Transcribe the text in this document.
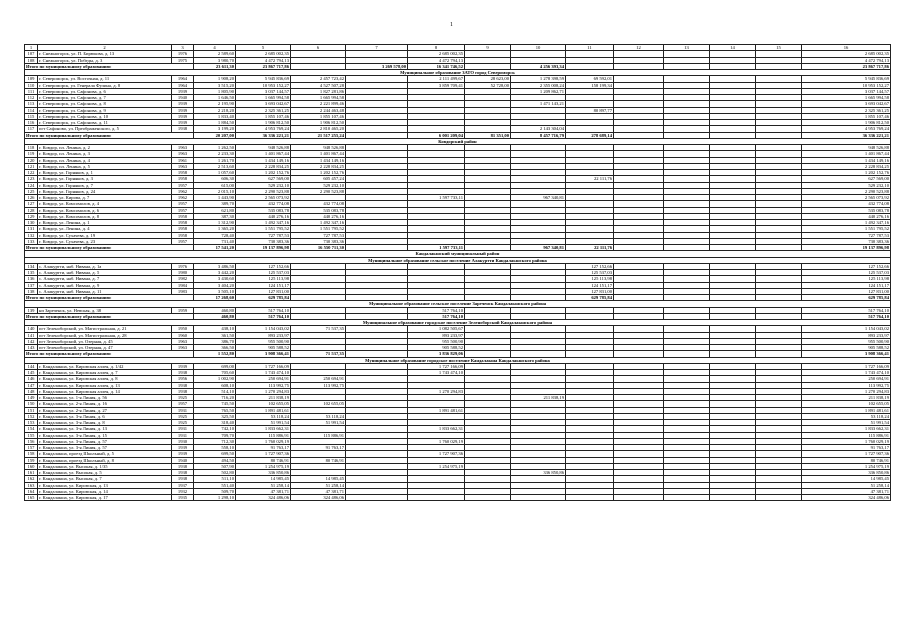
1
1	2	3	4	5	6	7	8	9	10	11	12	13	14	15	16
107	г. Снежногорск, ул. П. Бирюкова, д. 13	1976	2 589,60	2 685 002,35			2 685 002,35								2 685 002,35
108	г. Снежногорск, ул. Победы, д. 3	1975	3 980,70	4 472 794,13			4 472 794,13								4 472 794,13
Итого по муниципальному образованию:			23 611,30	23 867 717,86		3 269 578,00	16 341 746,52		4 256 393,34						23 867 717,86
Муниципальное образование ЗАТО город Североморск															
109	г. Североморск, ул. Восточная, д. 11	1964	1 908,20	5 945 836,69	2 457 723,42		2 111 499,67	28 623,00	1 278 398,59	69 592,01					5 945 836,69
110	г. Североморск, ул. Генерала Фулина, д. 8	1964	3 515,20	10 953 152,27	4 527 507,28		3 859 709,41	52 728,00	2 355 008,24	158 199,34					10 953 152,27
111	г. Североморск, ул. Сафонова, д. 6	1939	1 805,90	3 037 144,57	1 827 281,86				1 209 862,71						3 037 144,57
112	г. Североморск, ул. Сафонова, д. 7	1940	1 646,50	1 665 994,58	1 665 994,58										1 665 994,58
113	г. Североморск, ул. Сафонова, д. 8	1939	2 195,90	3 693 042,67	2 221 899,46				1 471 143,21						3 693 042,67
114	г. Североморск, ул. Сафонова, д. 9	1939	2 218,20	2 325 361,25	2 244 463,48					80 897,77					2 325 361,25
115	г. Североморск, ул. Сафонова, д. 10	1939	1 833,40	1 855 107,46	1 855 107,46										1 855 107,46
116	г. Североморск, ул. Сафонова, д. 11	1939	1 884,50	1 906 812,50	1 906 812,50										1 906 812,50
117	пгт Сафоново, ул. Преображенского, д. 5	1938	3 199,20	4 953 769,24	2 810 465,20				2 143 304,04						4 953 769,24
Итого по муниципальному образованию:			20 207,00	36 336 221,21	21 517 255,24		6 001 209,04	81 351,00	8 457 716,79	278 689,14					36 336 221,21
Ковдорский район															
118	г. Ковдор, пл. Ленина, д. 2	1963	1 262,50	948 526,88	948 526,88										948 526,88
119	г. Ковдор, пл. Ленина, д. 3	1963	2 233,30	1 401 867,44	1 401 867,44										1 401 867,44
120	г. Ковдор, пл. Ленина, д. 4	1961	1 261,70	1 434 149,16	1 434 149,16										1 434 149,16
121	г. Ковдор, пл. Ленина, д. 5	1963	2 513,60	2 228 834,25	2 228 834,25										2 228 834,25
122	г. Ковдор, ул. Горняков, д. 1	1958	1 057,60	1 202 152,76	1 202 152,76										1 202 152,76
123	г. Ковдор, ул. Горняков, д. 3	1958	606,30	627 569,00	605 457,24					22 111,76					627 569,00
124	г. Ковдор, ул. Горняков, д. 7	1957	615,00	529 232,10	529 232,10										529 232,10
125	г. Ковдор, ул. Горняков, д. 24	1962	2 015,10	2 290 523,88	2 290 523,88										2 290 523,88
126	г. Ковдор, ул. Кирова, д. 7	1962	1 443,90	2 565 073,92			1 597 733,11		967 340,81						2 565 073,92
127	г. Ковдор, ул. Комсомолов, д. 4	1957	389,70	432 774,08	432 774,08										432 774,08
128	г. Ковдор, ул. Комсомолов, д. 6	1957	621,80	535 083,78	535 083,78										535 083,78
129	г. Ковдор, ул. Комсомолов, д. 8	1958	387,30	440 276,16	440 276,16										440 276,16
130	г. Ковдор, ул. Ленина, д. 1	1958	1 312,90	1 492 347,16	1 492 347,16										1 492 347,16
131	г. Ковдор, ул. Ленина, д. 4	1958	1 365,20	1 551 795,52	1 551 795,52										1 551 795,52
132	г. Ковдор, ул. Сухачева, д. 19	1958	728,40	727 787,53	727 787,53										727 787,53
133	г. Ковдор, ул. Сухачева, д. 23	1957	731,40	730 383,36	730 383,36										730 383,36
Итого по муниципальному образованию:			17 541,20	19 137 896,98	16 550 711,30		1 597 733,11		967 340,81	22 111,76					19 137 896,98
Кандалакшский муниципальный район															
Муниципальное образование сельское поселение Алакуртти Кандалакшского района															
134	с. Алакуртти, наб. Нивана, д. 1а	1976	3 486,50	127 152,66						127 152,66					127 152,66
135	с. Алакуртти, наб. Нивана, д. 5	1980	3 442,20	125 537,03						125 537,03					125 537,03
136	с. Алакуртти, наб. Нивана, д. 7	1982	3 430,60	125 113,98						125 113,98					125 113,98
137	с. Алакуртти, наб. Нивана, д. 9	1984	3 404,20	124 151,17						124 151,17					124 151,17
138	с. Алакуртти, наб. Нивана, д. 11	1983	3 505,10	127 831,00						127 831,00					127 831,00
Итого по муниципальному образованию:			17 268,60	629 785,84						629 785,84					629 785,84
Муниципальное образование сельское поселение Зареченск Кандалакшского района															
139	нп Зареченск, ул. Невская, д. 38	1959	460,80	517 764,10			517 764,10								517 764,10
Итого по муниципальному образованию:			460,80	517 764,10			517 764,10								517 764,10
Муниципальное образование городское поселение Зеленоборский Кандалакшского района															
140	пгт Зеленоборский, ул. Магистральная, д. 21	1950	438,10	1 154 043,02	71 537,35		1 082 505,67								1 154 043,02
141	пгт Зеленоборский, ул. Магистральная, д. 28	1960	361,50	893 233,97			893 233,97								893 233,97
142	пгт Зеленоборский, ул. Озерная, д. 45	1963	386,70	955 500,90			955 500,90								955 500,90
143	пгт Зеленоборский, ул. Озерная, д. 47	1963	366,50	905 588,52			905 588,52								905 588,52
Итого по муниципальному образованию:			1 552,80	3 908 366,41	71 537,35		3 836 829,06								3 908 366,41
Муниципальное образование городское поселение Кандалакша Кандалакшского района															
144	г. Кандалакша, ул. Кировская аллея, д. 1/42	1939	699,00	1 727 166,09			1 727 166,09								1 727 166,09
145	г. Кандалакша, ул. Кировская аллея, д. 7	1938	705,60	1 743 474,10			1 743 474,10								1 743 474,10
146	г. Кандалакша, ул. Кировская аллея, д. 8	1956	1 002,90	250 694,91	250 694,91										250 694,91
147	г. Кандалакша, ул. Кировская аллея, д. 13	1938	608,10	113 992,75	113 992,75										113 992,75
148	г. Кандалакша, ул. Кировская аллея, д. 14	1938	514,10	1 270 294,83			1 270 294,83								1 270 294,83
149	г. Кандалакша, ул. 1-я Линия, д. 56	1925	716,20	211 838,19					211 838,19						211 838,19
150	г. Кандалакша, ул. 2-я Линия, д. 16	1957	745,50	102 655,05	102 655,05										102 655,05
151	г. Кандалакша, ул. 2-я Линия, д. 27	1931	765,50	1 891 481,61			1 891 481,61								1 891 481,61
152	г. Кандалакша, ул. 3-я Линия, д. 6	1925	325,50	53 118,24	53 118,24										53 118,24
153	г. Кандалакша, ул. 3-я Линия, д. 8	1925	318,40	51 991,54	51 991,54										51 991,54
154	г. Кандалакша, ул. 3-я Линия, д. 13	1931	742,10	1 833 662,31			1 833 662,31								1 833 662,31
155	г. Кандалакша, ул. 3-я Линия, д. 15	1931	709,70	115 886,91	115 886,91										115 886,91
156	г. Кандалакша, ул. 3-я Линия, д. 57	1930	712,30	1 760 029,19			1 760 029,19								1 760 029,19
157	г. Кандалакша, ул. 3-я Линия, д. 57	1939	558,10	91 763,17	91 763,17										91 763,17
158	г. Кандалакша, проезд Школьный, д. 5	1939	699,50	1 727 907,36			1 727 907,36								1 727 907,36
159	г. Кандалакша, проезд Школьный, д. 8	1940	494,50	80 746,91	80 746,91										80 746,91
160	г. Кандалакша, ул. Высокая, д. 1/35	1938	507,90	1 254 975,19			1 254 975,19								1 254 975,19
161	г. Кандалакша, ул. Высокая, д. 5	1938	502,80	336 850,86					336 850,86						336 850,86
162	г. Кандалакша, ул. Высокая, д. 7	1938	511,10	14 985,45	14 985,45										14 985,45
163	г. Кандалакша, ул. Кировская, д. 13	1937	551,40	51 258,14	51 258,14										51 258,14
164	г. Кандалакша, ул. Кировская, д. 14	1932	509,70	47 381,71	47 381,71										47 381,71
165	г. Кандалакша, ул. Кировская, д. 17	1935	1 298,10	324 486,06	324 486,06										324 486,06
